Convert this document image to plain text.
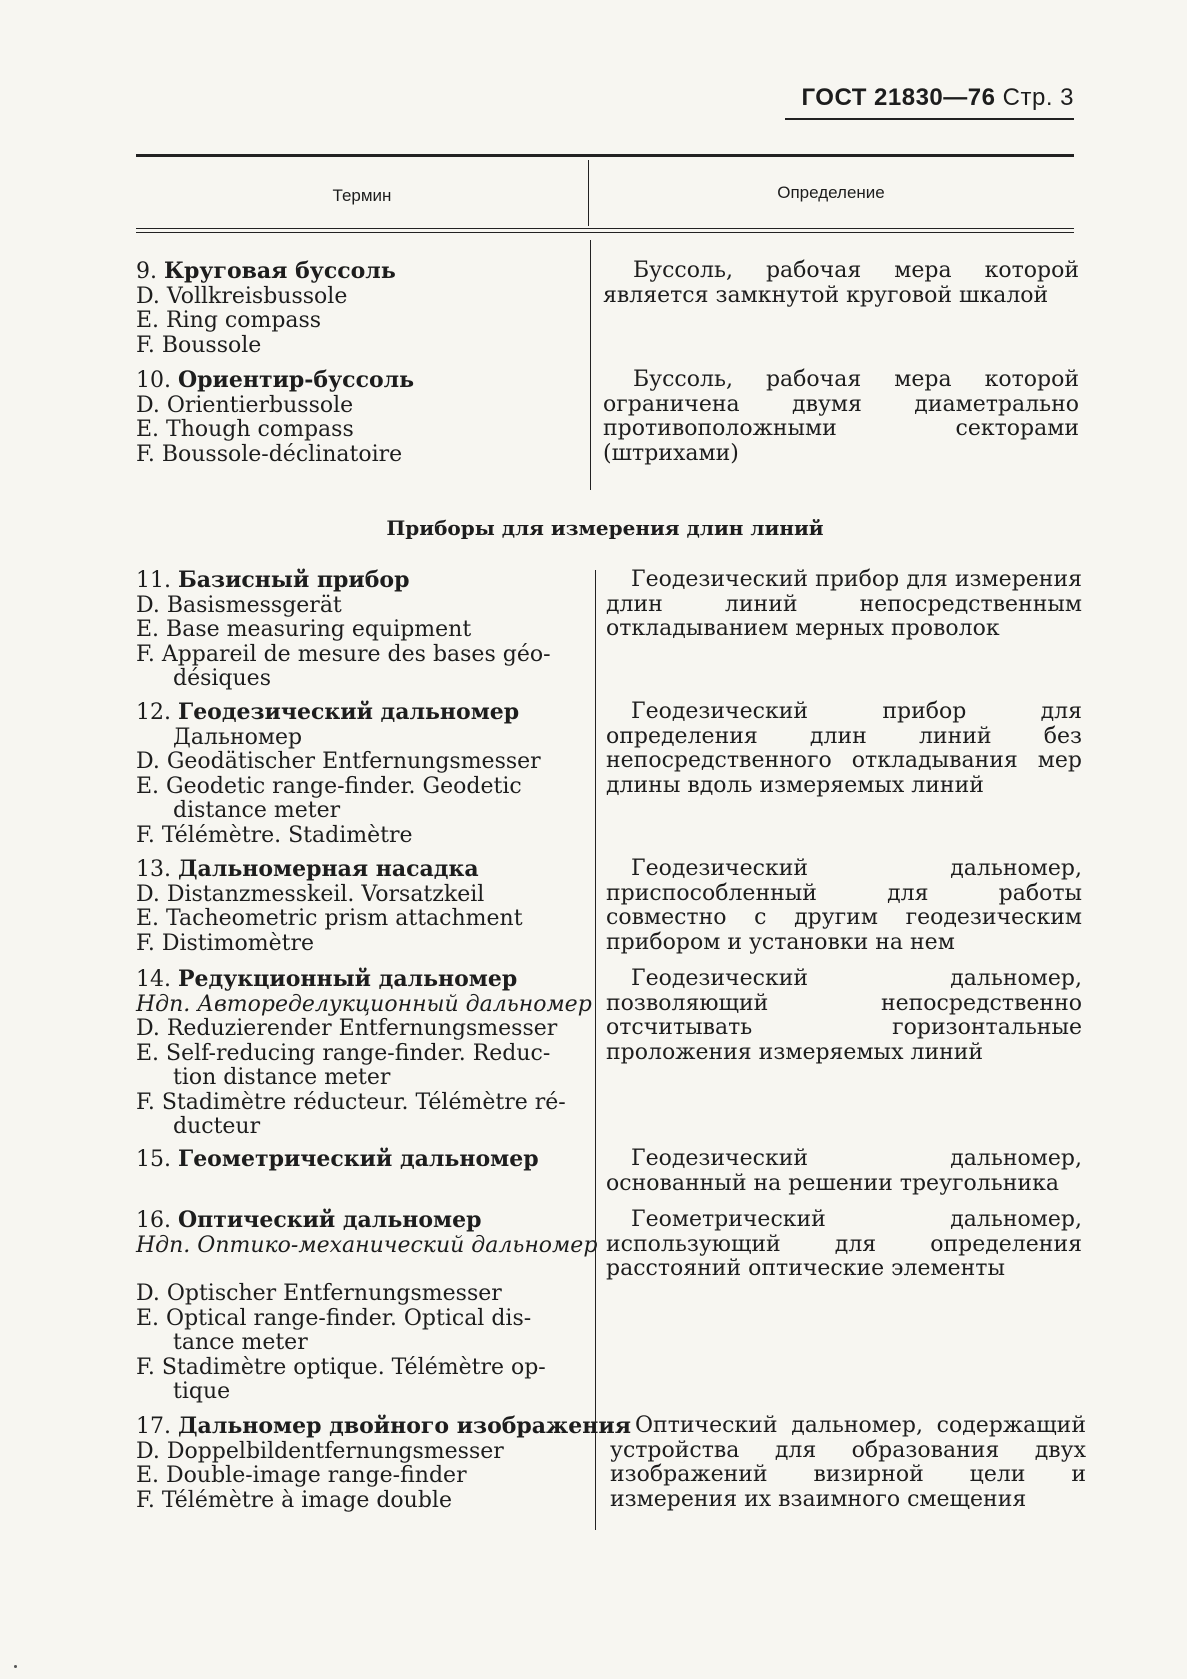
ГОСТ 21830—76 Стр. 3
Термин	Определение
Приборы для измерения длин линий
9. Круговая буссоль
D. Vollkreisbussole
E. Ring compass
F. Boussole
Буссоль, рабочая мера которой является замкнутой круговой шкалой
10. Ориентир-буссоль
D. Orientierbussole
E. Though compass
F. Boussole-déclinatoire
Буссоль, рабочая мера которой ограничена двумя диаметрально противоположными секторами (штрихами)
11. Базисный прибор
D. Basismessgerät
E. Base measuring equipment
F. Appareil de mesure des bases géo-
désiques
Геодезический прибор для измерения длин линий непосредственным откладыванием мерных проволок
12. Геодезический дальномер
Дальномер
D. Geodätischer Entfernungsmesser
E. Geodetic range-finder. Geodetic
distance meter
F. Télémètre. Stadimètre
Геодезический прибор для определения длин линий без непосредственного откладывания мер длины вдоль измеряемых линий
13. Дальномерная насадка
D. Distanzmesskeil. Vorsatzkeil
E. Tacheometric prism attachment
F. Distimomètre
Геодезический дальномер, приспособленный для работы совместно с другим геодезическим прибором и установки на нем
14. Редукционный дальномер
Ндп. Автоределукционный дальномер
D. Reduzierender Entfernungsmesser
E. Self-reducing range-finder. Reduc-
tion distance meter
F. Stadimètre réducteur. Télémètre ré-
ducteur
Геодезический дальномер, позволяющий непосредственно отсчитывать горизонтальные проложения измеряемых линий
15. Геометрический дальномер	Геодезический дальномер, основанный на решении треугольника
16. Оптический дальномер
Ндп. Оптико-механический дальномер
D. Optischer Entfernungsmesser
E. Optical range-finder. Optical dis-
tance meter
F. Stadimètre optique. Télémètre op-
tique
Геометрический дальномер, использующий для определения расстояний оптические элементы
17. Дальномер двойного изображения
D. Doppelbildentfernungsmesser
E. Double-image range-finder
F. Télémètre à image double
Оптический дальномер, содержащий устройства для образования двух изображений визирной цели и измерения их взаимного смещения
